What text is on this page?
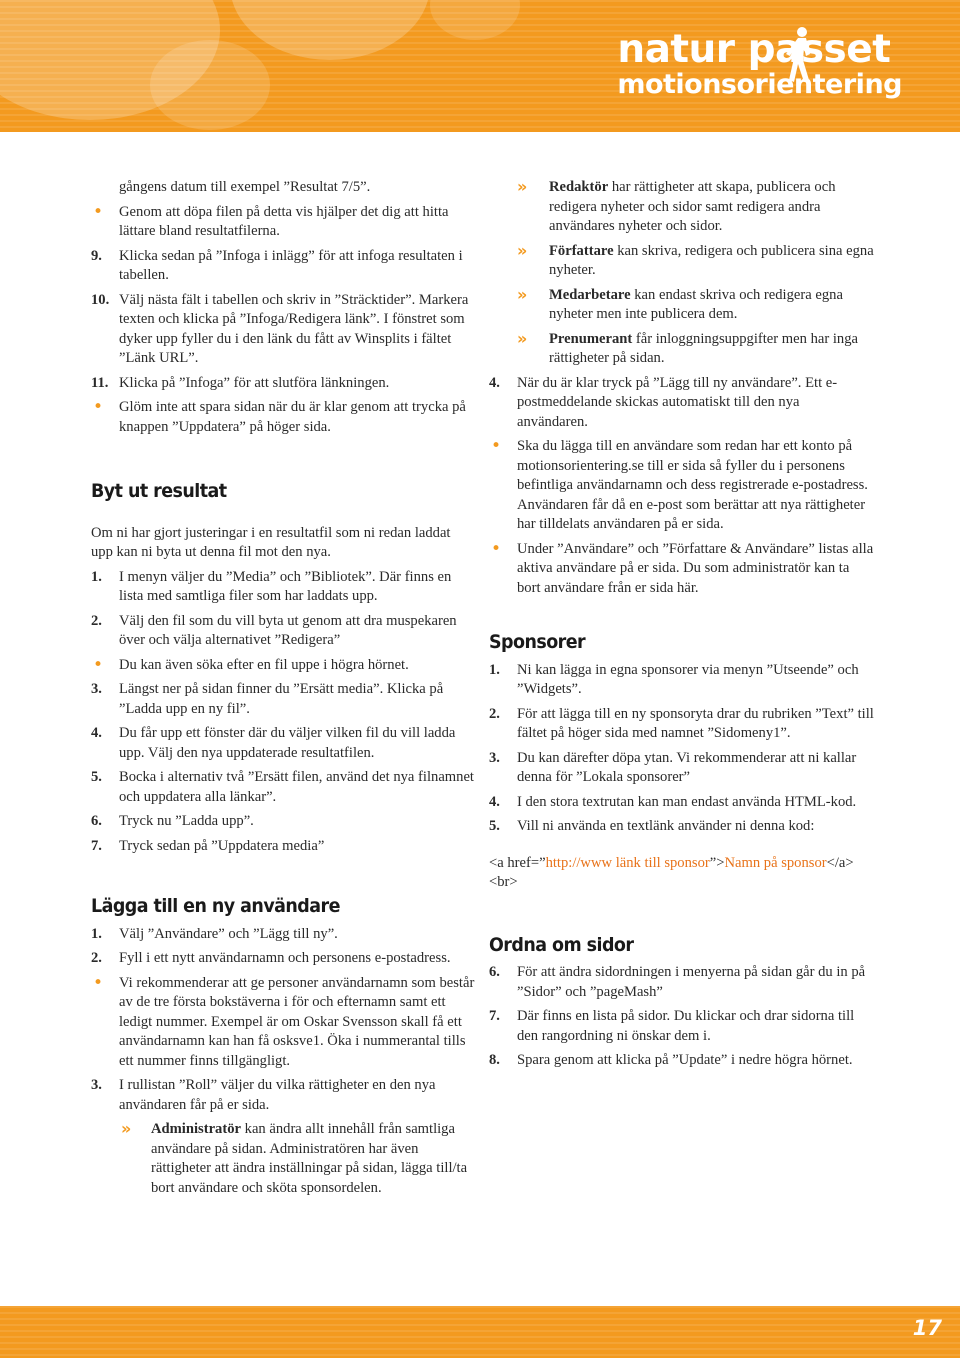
natur passet
motionsorientering
gångens datum till exempel ”Resultat 7/5”.
• Genom att döpa filen på detta vis hjälper det dig att hitta lättare bland resultatfilerna.
9. Klicka sedan på ”Infoga i inlägg” för att infoga resultaten i tabellen.
10. Välj nästa fält i tabellen och skriv in ”Sträcktider”. Markera texten och klicka på ”Infoga/Redigera länk”. I fönstret som dyker upp fyller du i den länk du fått av Winsplits i fältet ”Länk URL”.
11. Klicka på ”Infoga” för att slutföra länkningen.
• Glöm inte att spara sidan när du är klar genom att trycka på knappen ”Uppdatera” på höger sida.
Byt ut resultat
Om ni har gjort justeringar i en resultatfil som ni redan laddat upp kan ni byta ut denna fil mot den nya.
1. I menyn väljer du ”Media” och ”Bibliotek”. Där finns en lista med samtliga filer som har laddats upp.
2. Välj den fil som du vill byta ut genom att dra muspekaren över och välja alternativet ”Redigera”
• Du kan även söka efter en fil uppe i högra hörnet.
3. Längst ner på sidan finner du ”Ersätt media”. Klicka på ”Ladda upp en ny fil”.
4. Du får upp ett fönster där du väljer vilken fil du vill ladda upp. Välj den nya uppdaterade resultatfilen.
5. Bocka i alternativ två ”Ersätt filen, använd det nya filnamnet och uppdatera alla länkar”.
6. Tryck nu ”Ladda upp”.
7. Tryck sedan på ”Uppdatera media”
Lägga till en ny användare
1. Välj ”Användare” och ”Lägg till ny”.
2. Fyll i ett nytt användarnamn och personens e-postadress.
• Vi rekommenderar att ge personer användarnamn som består av de tre första bokstäverna i för och efternamn samt ett ledigt nummer. Exempel är om Oskar Svensson skall få ett användarnamn kan han få osksve1. Öka i nummerantal tills ett nummer finns tillgängligt.
3. I rullistan ”Roll” väljer du vilka rättigheter en den nya användaren får på er sida.
» Administratör kan ändra allt innehåll från samtliga användare på sidan. Administratören har även rättigheter att ändra inställningar på sidan, lägga till/ta bort användare och sköta sponsordelen.
» Redaktör har rättigheter att skapa, publicera och redigera nyheter och sidor samt redigera andra användares nyheter och sidor.
» Författare kan skriva, redigera och publicera sina egna nyheter.
» Medarbetare kan endast skriva och redigera egna nyheter men inte publicera dem.
» Prenumerant får inloggningsuppgifter men har inga rättigheter på sidan.
4. När du är klar tryck på ”Lägg till ny användare”. Ett e-postmeddelande skickas automatiskt till den nya användaren.
• Ska du lägga till en användare som redan har ett konto på motionsorientering.se till er sida så fyller du i personens befintliga användarnamn och dess registrerade e-postadress. Användaren får då en e-post som berättar att nya rättigheter har tilldelats användaren på er sida.
• Under ”Användare” och ”Författare & Användare” listas alla aktiva användare på er sida. Du som administratör kan ta bort användare från er sida här.
Sponsorer
1. Ni kan lägga in egna sponsorer via menyn ”Utseende” och ”Widgets”.
2. För att lägga till en ny sponsoryta drar du rubriken ”Text” till fältet på höger sida med namnet ”Sidomeny1”.
3. Du kan därefter döpa ytan. Vi rekommenderar att ni kallar denna för ”Lokala sponsorer”
4. I den stora textrutan kan man endast använda HTML-kod.
5. Vill ni använda en textlänk använder ni denna kod:
<a href=”http://www länk till sponsor”>Namn på sponsor</a><br>
Ordna om sidor
6. För att ändra sidordningen i menyerna på sidan går du in på ”Sidor” och ”pageMash”
7. Där finns en lista på sidor. Du klickar och drar sidorna till den rangordning ni önskar dem i.
8. Spara genom att klicka på ”Update” i nedre högra hörnet.
17
